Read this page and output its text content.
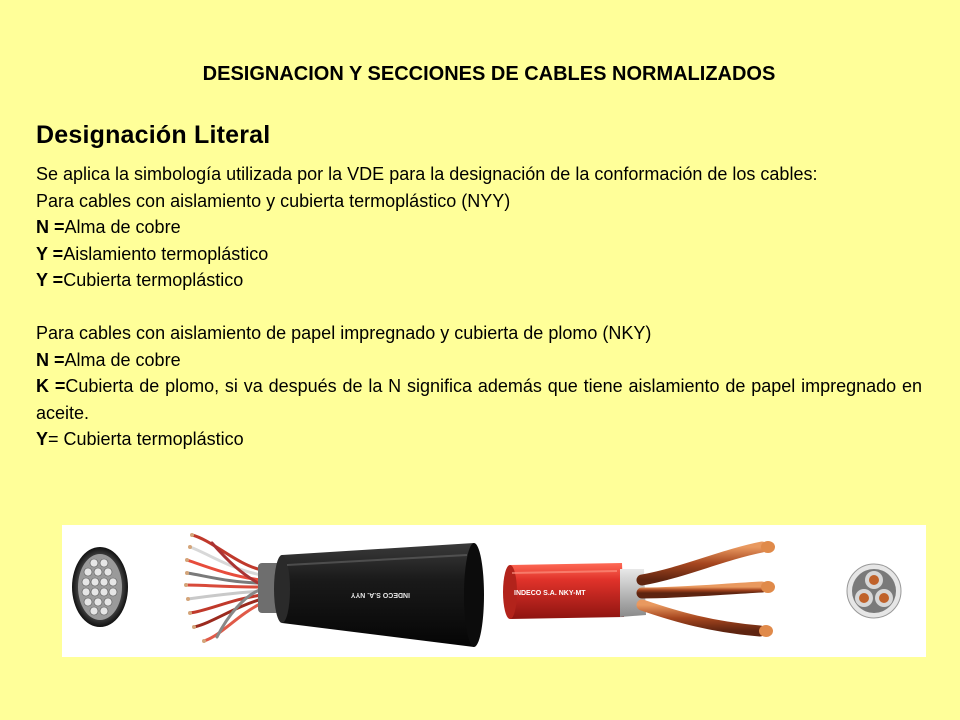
DESIGNACION Y SECCIONES DE CABLES NORMALIZADOS
Designación Literal

Se aplica la simbología utilizada por la VDE para la designación de la conformación de los cables:

Para cables con aislamiento y cubierta termoplástico (NYY)

N =Alma de cobre

Y =Aislamiento termoplástico

Y =Cubierta termoplástico

Para cables con aislamiento de papel impregnado y cubierta de plomo (NKY)

N =Alma de cobre

K =Cubierta de plomo, si va después de la N significa además que tiene aislamiento de papel impregnado en aceite.

Y= Cubierta termoplástico

INDECO S.A. NYY	INDECO S.A. NKY-MT
